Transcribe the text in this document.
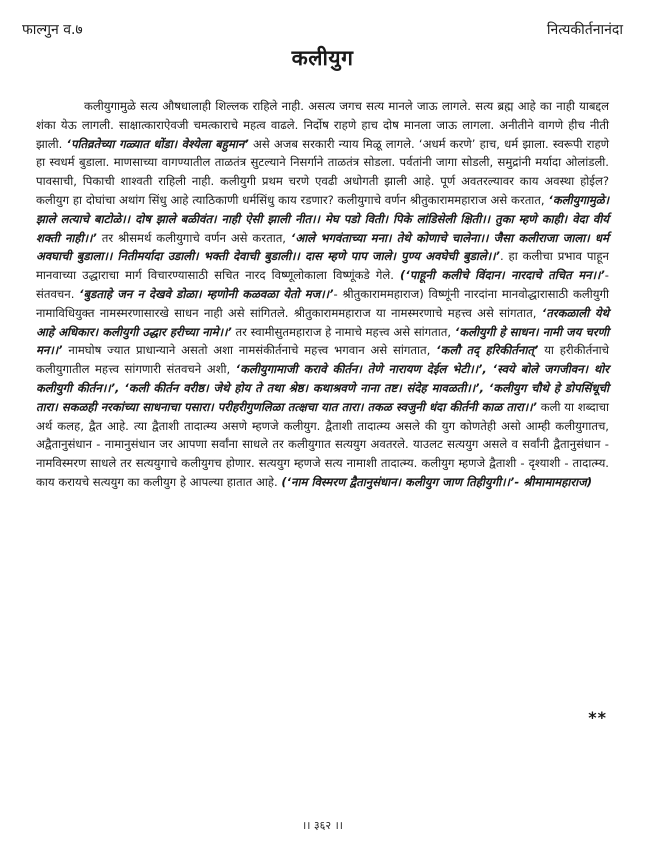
फाल्गुन व.७	नित्यकीर्तनानंदा
कलीयुग

कलीयुगामुळे सत्य औषधालाही शिल्लक राहिले नाही. असत्य जगच सत्य मानले जाऊ लागले. सत्य ब्रह्म आहे का नाही याबद्दल शंका येऊ लागली. साक्षात्काराऐवजी चमत्काराचे महत्व वाढले. निर्दोष राहणे हाच दोष मानला जाऊ लागला. अनीतीने वागणे हीच नीती झाली. ‘पतिव्रतेच्या गळ्यात धोंडा। वेश्येला बहुमान’ असे अजब सरकारी न्याय मिळू लागले. ‘अधर्म करणे’ हाच, धर्म झाला. स्वरूपी राहणे हा स्वधर्म बुडाला. माणसाच्या वागण्यातील ताळतंत्र सुटल्याने निसर्गाने ताळतंत्र सोडला. पर्वतांनी जागा सोडली, समुद्रांनी मर्यादा ओलांडली. पावसाची, पिकाची शाश्वती राहिली नाही. कलीयुगी प्रथम चरणे एवढी अधोगती झाली आहे. पूर्ण अवतरल्यावर काय अवस्था होईल? कलीयुग हा दोघांचा अथांग सिंधु आहे त्याठिकाणी धर्मसिंधु काय रडणार? कलीयुगाचे वर्णन श्रीतुकाराममहाराज असे करतात, ‘कलीयुगामुळे। झाले लत्याचे बाटोळे।। दोष झाले बळीवंत। नाही ऐसी झाली नीत।। मेघ पडो विती। पिके लांडिसेली क्षिती।। तुका म्हणे काही। वेदा वीर्य शक्ती नाही।।’ तर श्रीसमर्थ कलीयुगाचे वर्णन असे करतात, ‘आले भगवंताच्या मना। तेथे कोणाचे चालेना।। जैसा कलीराजा जाला। धर्म अवघाची बुडाला।। नितीमर्यादा उडाली। भक्ती देवाची बुडाली।। दास म्हणे पाप जाले। पुण्य अवघेची बुडाले।।’. हा कलीचा प्रभाव पाहून मानवाच्या उद्धाराचा मार्ग विचारण्यासाठी सचित नारद विष्णूलोकाला विष्णूंकडे गेले. (‘पाहूनी कलीचे विंदान। नारदाचे तचित मन।।’- संतवचन. ‘बुडताहे जन न देखवे डोळा। म्हणोनी कळवळा येतो मज।।’- श्रीतुकाराममहाराज) विष्णूंनी नारदांना मानवोद्धारासाठी कलीयुगी नामाविधियुक्त नामस्मरणासारखे साधन नाही असे सांगितले. श्रीतुकाराममहाराज या नामस्मरणाचे महत्त्व असे सांगतात, ‘तरकळाली येथे आहे अधिकार। कलीयुगी उद्धार हरीच्या नामे।।’ तर स्वामीसुतमहाराज हे नामाचे महत्त्व असे सांगतात, ‘कलीयुगी हे साधन। नामी जय चरणी मन।।’ नामघोष ज्यात प्राधान्याने असतो अशा नामसंकीर्तनाचे महत्त्व भगवान असे सांगतात, ‘कलौ तद् हरिकीर्तनात्’ या हरीकीर्तनाचे कलीयुगातील महत्त्व सांगणारी संतवचने अशी, ‘कलीयुगामाजी करावे कीर्तन। तेणे नारायण देईल भेटी।।’, ‘स्वये बोले जगजीवन। थोर कलीयुगी कीर्तन।।’, ‘कली कीर्तन वरीष्ठ। जेथे होय ते तथा श्रेष्ठ। कथाश्रवणे नाना तष्ट। संदेह मावळती।।’, ‘कलीयुग चौथे हे डोपसिंधूची तारा। सकळही नरकांच्या साधनाचा पसारा। परीहरीगुणलिळा तत्क्षचा यात तारा। तकळ स्वजुनी धंदा कीर्तनी काळ तारा।।’ कली या शब्दाचा अर्थ कलह, द्वैत आहे. त्या द्वैताशी तादात्म्य असणे म्हणजे कलीयुग. द्वैताशी तादात्म्य असले की युग कोणतेही असो आम्ही कलीयुगातच, अद्वैतानुसंधान - नामानुसंधान जर आपणा सर्वांना साधले तर कलीयुगात सत्ययुग अवतरले. याउलट सत्ययुग असले व सर्वांनी द्वैतानुसंधान - नामविस्मरण साधले तर सत्ययुगाचे कलीयुगच होणार. सत्ययुग म्हणजे सत्य नामाशी तादात्म्य. कलीयुग म्हणजे द्वैताशी - दृश्याशी - तादात्म्य. काय करायचे सत्ययुग का कलीयुग हे आपल्या हातात आहे. (‘नाम विस्मरण द्वैतानुसंधान। कलीयुग जाण तिहीयुगी।।’- श्रीमामामहाराज)

**
।। ३६२ ।।
